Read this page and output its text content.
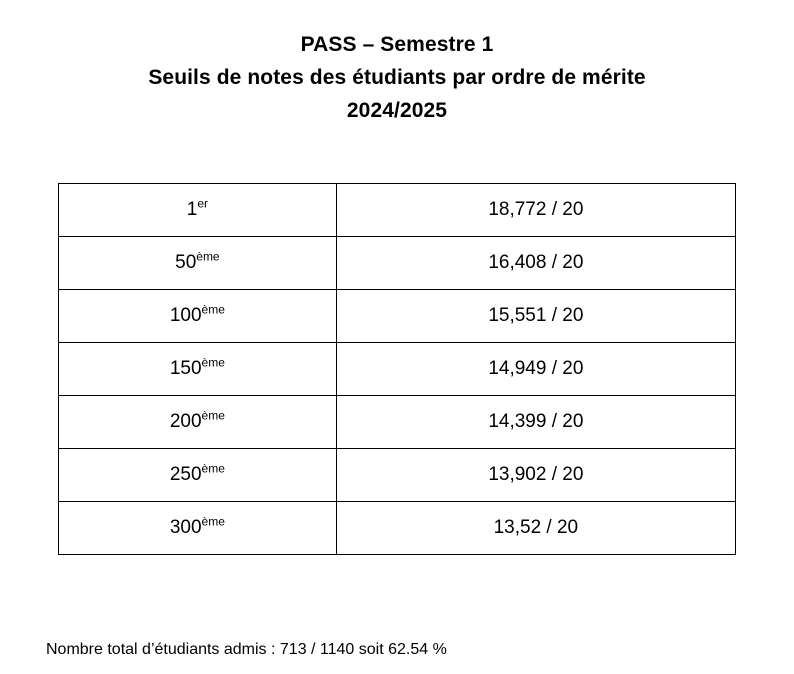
PASS – Semestre 1
Seuils de notes des étudiants par ordre de mérite
2024/2025
1er	18,772 / 20
50ème	16,408 / 20
100ème	15,551 / 20
150ème	14,949 / 20
200ème	14,399 / 20
250ème	13,902 / 20
300ème	13,52 / 20
Nombre total d’étudiants admis : 713 / 1140 soit 62.54 %
